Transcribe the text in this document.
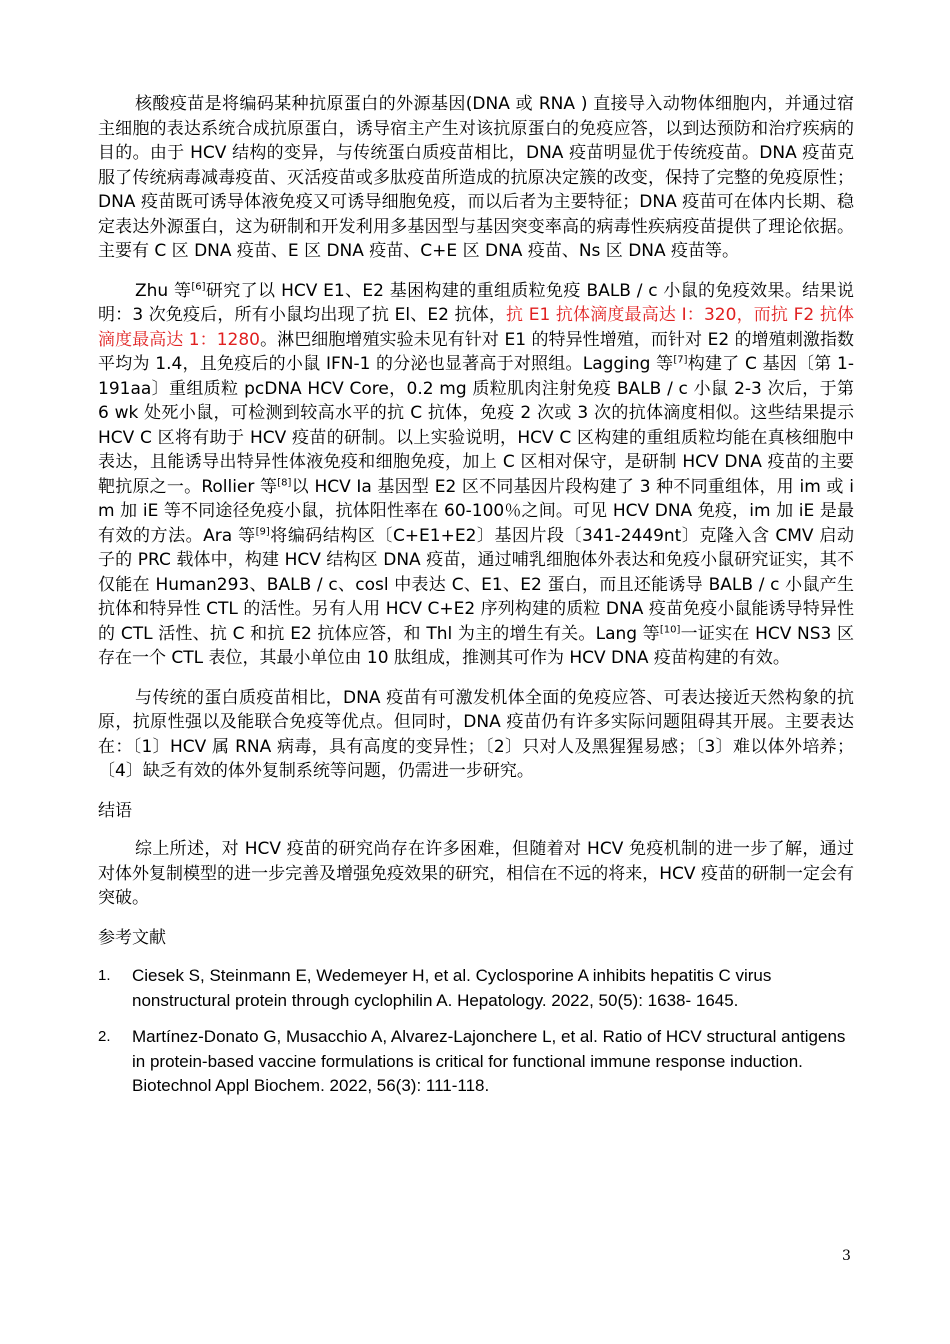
核酸疫苗是将编码某种抗原蛋白的外源基因(DNA 或 RNA ) 直接导入动物体细胞内，并通过宿主细胞的表达系统合成抗原蛋白，诱导宿主产生对该抗原蛋白的免疫应答，以到达预防和治疗疾病的目的。由于 HCV 结构的变异，与传统蛋白质疫苗相比，DNA 疫苗明显优于传统疫苗。DNA 疫苗克服了传统病毒减毒疫苗、灭活疫苗或多肽疫苗所造成的抗原决定簇的改变，保持了完整的免疫原性；DNA 疫苗既可诱导体液免疫又可诱导细胞免疫，而以后者为主要特征；DNA 疫苗可在体内长期、稳定表达外源蛋白，这为研制和开发利用多基因型与基因突变率高的病毒性疾病疫苗提供了理论依据。主要有 C 区 DNA 疫苗、E 区 DNA 疫苗、C+E 区 DNA 疫苗、Ns 区 DNA 疫苗等。

Zhu 等[6]研究了以 HCV E1、E2 基困构建的重组质粒免疫 BALB / c 小鼠的免疫效果。结果说明：3 次免疫后，所有小鼠均出现了抗 El、E2 抗体，抗 E1 抗体滴度最高达 I：320，而抗 F2 抗体滴度最高达 1：1280。淋巴细胞增殖实验未见有针对 E1 的特异性增殖，而针对 E2 的增殖刺激指数平均为 1.4，且免疫后的小鼠 IFN-1 的分泌也显著高于对照组。Lagging 等[7]构建了 C 基因〔第 1-191aa〕重组质粒 pcDNA HCV Core，0.2 mg 质粒肌肉注射免疫 BALB / c 小鼠 2-3 次后，于第 6 wk 处死小鼠，可检测到较高水平的抗 C 抗体，免疫 2 次或 3 次的抗体滴度相似。这些结果提示 HCV C 区将有助于 HCV 疫苗的研制。以上实验说明，HCV C 区构建的重组质粒均能在真核细胞中表达，且能诱导出特异性体液免疫和细胞免疫，加上 C 区相对保守，是研制 HCV DNA 疫苗的主要靶抗原之一。Rollier 等[8]以 HCV Ia 基因型 E2 区不同基因片段构建了 3 种不同重组体，用 im 或 im 加 iE 等不同途径免疫小鼠，抗体阳性率在 60-100％之间。可见 HCV DNA 免疫，im 加 iE 是最有效的方法。Ara 等[9]将编码结构区〔C+E1+E2〕基因片段〔341-2449nt〕克隆入含 CMV 启动子的 PRC 载体中，构建 HCV 结构区 DNA 疫苗，通过哺乳细胞体外表达和免疫小鼠研究证实，其不仅能在 Human293、BALB / c、cosl 中表达 C、E1、E2 蛋白，而且还能诱导 BALB / c 小鼠产生抗体和特异性 CTL 的活性。另有人用 HCV C+E2 序列构建的质粒 DNA 疫苗免疫小鼠能诱导特异性的 CTL 活性、抗 C 和抗 E2 抗体应答，和 Thl 为主的增生有关。Lang 等[10]一证实在 HCV NS3 区存在一个 CTL 表位，其最小单位由 10 肽组成，推测其可作为 HCV DNA 疫苗构建的有效。

与传统的蛋白质疫苗相比，DNA 疫苗有可激发机体全面的免疫应答、可表达接近天然构象的抗原，抗原性强以及能联合免疫等优点。但同时，DNA 疫苗仍有许多实际问题阻碍其开展。主要表达在：〔1〕HCV 属 RNA 病毒，具有高度的变异性；〔2〕只对人及黑猩猩易感；〔3〕难以体外培养；〔4〕缺乏有效的体外复制系统等问题，仍需进一步研究。

结语

综上所述，对 HCV 疫苗的研究尚存在许多困难，但随着对 HCV 免疫机制的进一步了解，通过对体外复制模型的进一步完善及增强免疫效果的研究，相信在不远的将来，HCV 疫苗的研制一定会有突破。

参考文献
1. Ciesek S, Steinmann E, Wedemeyer H, et al. Cyclosporine A inhibits hepatitis C virus nonstructural protein through cyclophilin A. Hepatology. 2022, 50(5): 1638- 1645.
2. Martínez-Donato G, Musacchio A, Alvarez-Lajonchere L, et al. Ratio of HCV structural antigens in protein-based vaccine formulations is critical for functional immune response induction. Biotechnol Appl Biochem. 2022, 56(3): 111-118.
3
